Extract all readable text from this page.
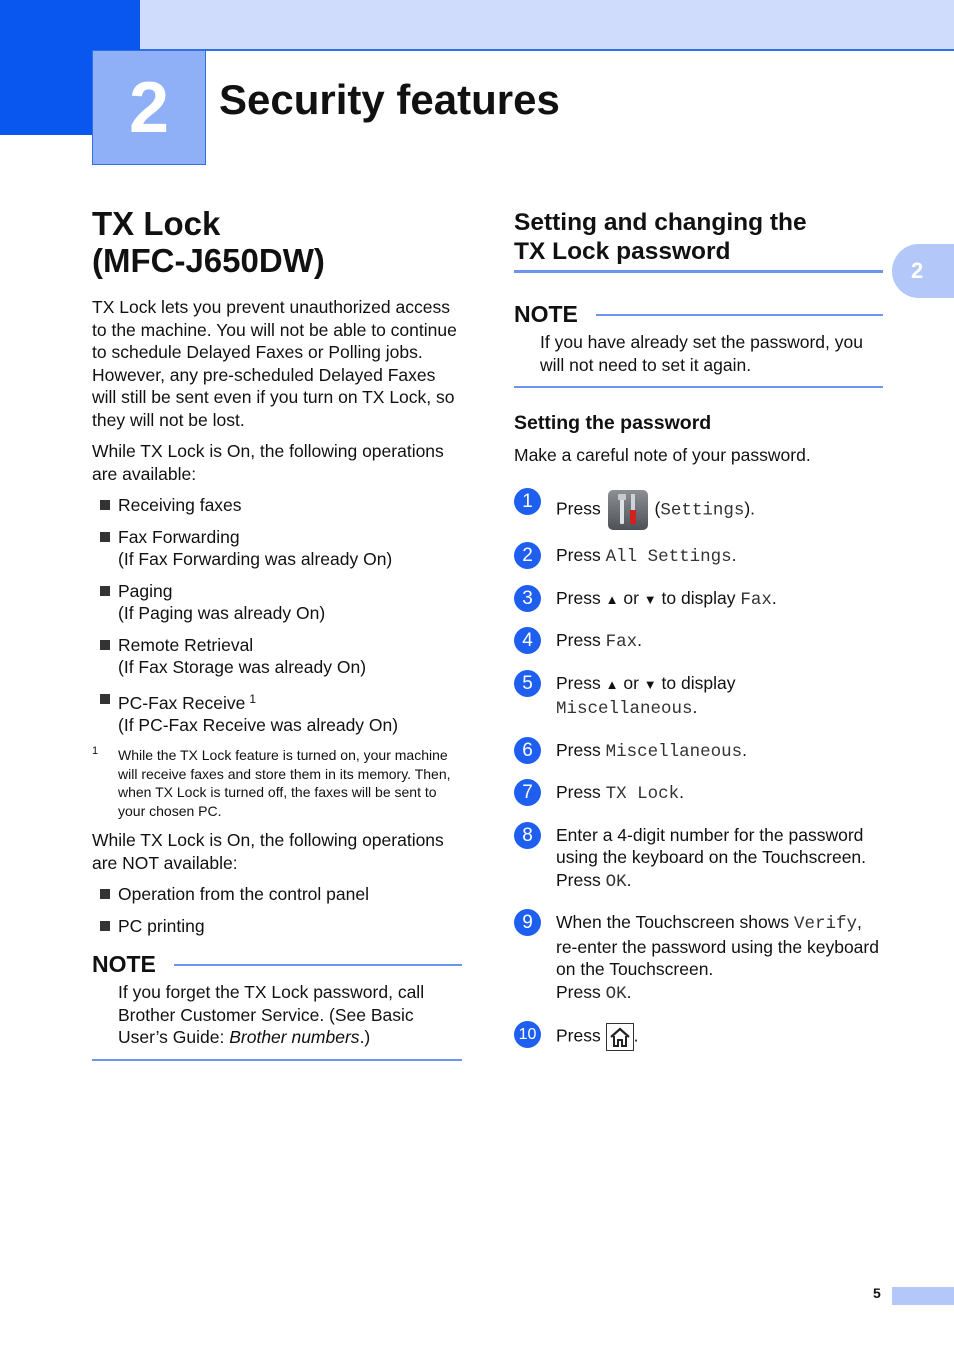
2	Security features
2
TX Lock
(MFC-J650DW)

TX Lock lets you prevent unauthorized access to the machine. You will not be able to continue to schedule Delayed Faxes or Polling jobs. However, any pre-scheduled Delayed Faxes will still be sent even if you turn on TX Lock, so they will not be lost.

While TX Lock is On, the following operations are available:

Receiving faxes
Fax Forwarding
(If Fax Forwarding was already On)
Paging
(If Paging was already On)
Remote Retrieval
(If Fax Storage was already On)
PC-Fax Receive $^1$
(If PC-Fax Receive was already On)
1 While the TX Lock feature is turned on, your machine will receive faxes and store them in its memory. Then, when TX Lock is turned off, the faxes will be sent to your chosen PC.

While TX Lock is On, the following operations are NOT available:

Operation from the control panel
PC printing
NOTE
If you forget the TX Lock password, call Brother Customer Service. (See Basic User’s Guide: Brother numbers.)
Setting and changing the
TX Lock password
NOTE
If you have already set the password, you will not need to set it again.
Setting the password

Make a careful note of your password.

1	Press	(Settings).
2	Press All Settings.
3	Press ▲ or ▼ to display Fax.
4	Press Fax.
5	Press ▲ or ▼ to display
Miscellaneous.
6	Press Miscellaneous.
7	Press TX Lock.
8	Enter a 4-digit number for the password using the keyboard on the Touchscreen.
Press OK.
9	When the Touchscreen shows Verify, re-enter the password using the keyboard on the Touchscreen.
Press OK.
10 Press .
5
